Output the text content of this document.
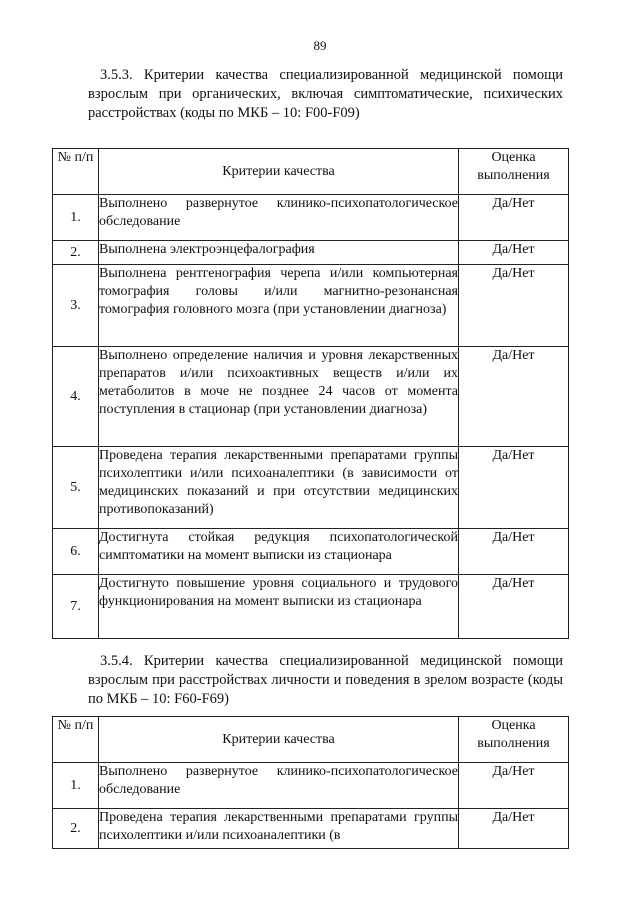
89
3.5.3. Критерии качества специализированной медицинской помощи взрослым при органических, включая симптоматические, психических расстройствах (коды по МКБ – 10: F00-F09)
№ п/п	Критерии качества	Оценка выполнения
1.	Выполнено развернутое клинико-психопатологическое обследование	Да/Нет
2.	Выполнена электроэнцефалография	Да/Нет
3.	Выполнена рентгенография черепа и/или компьютерная томография головы и/или магнитно-резонансная томография головного мозга (при установлении диагноза)	Да/Нет
4.	Выполнено определение наличия и уровня лекарственных препаратов и/или психоактивных веществ и/или их метаболитов в моче не позднее 24 часов от момента поступления в стационар (при установлении диагноза)	Да/Нет
5.	Проведена терапия лекарственными препаратами группы психолептики и/или психоаналептики (в зависимости от медицинских показаний и при отсутствии медицинских противопоказаний)	Да/Нет
6.	Достигнута стойкая редукция психопатологической симптоматики на момент выписки из стационара	Да/Нет
7.	Достигнуто повышение уровня социального и трудового функционирования на момент выписки из стационара	Да/Нет
3.5.4. Критерии качества специализированной медицинской помощи взрослым при расстройствах личности и поведения в зрелом возрасте (коды по МКБ – 10: F60-F69)
№ п/п	Критерии качества	Оценка выполнения
1.	Выполнено развернутое клинико-психопатологическое обследование	Да/Нет
2.	Проведена терапия лекарственными препаратами группы психолептики и/или психоаналептики (в	Да/Нет
